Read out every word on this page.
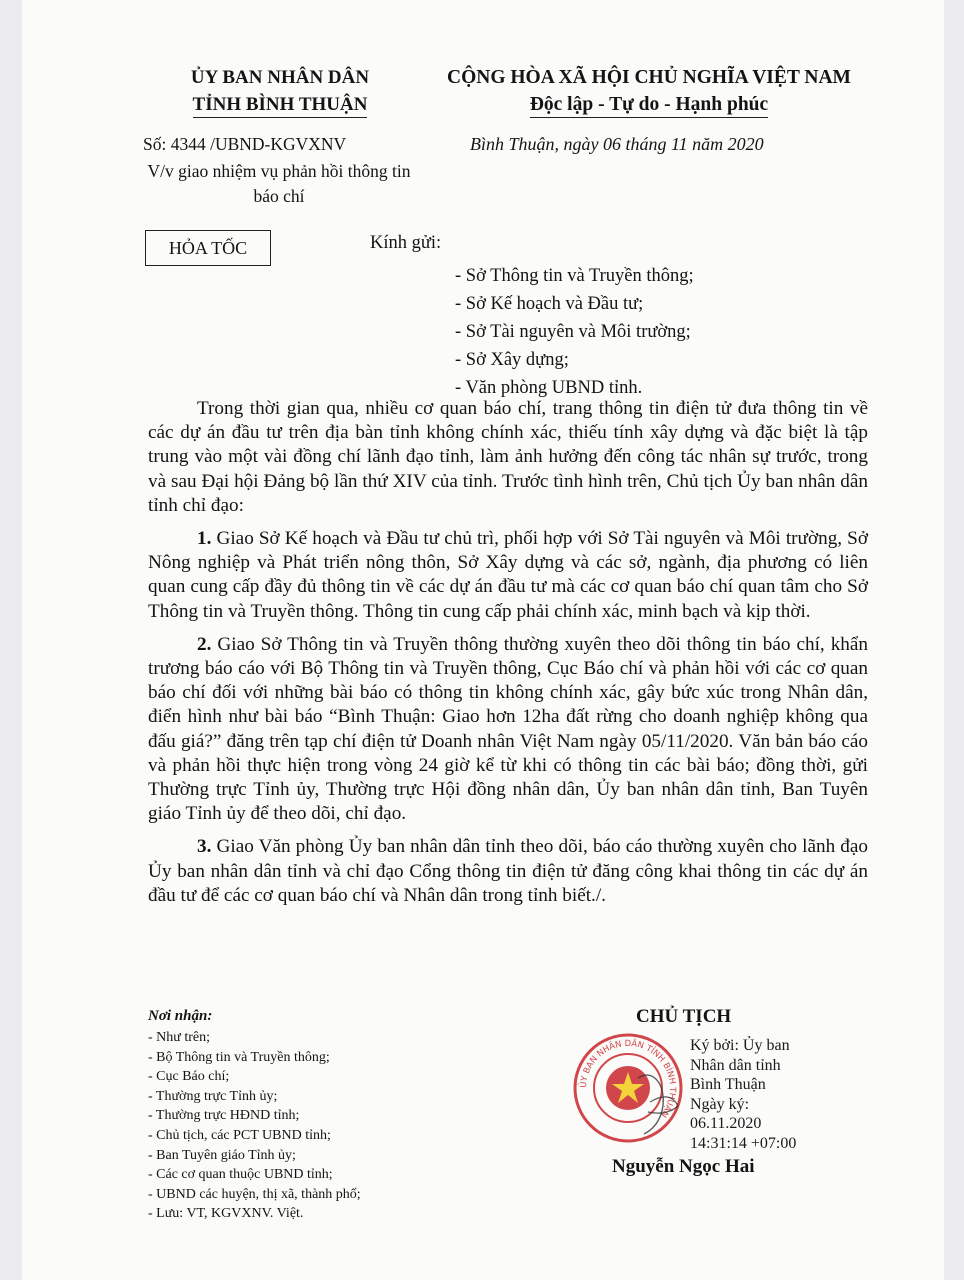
ỦY BAN NHÂN DÂN
TỈNH BÌNH THUẬN
CỘNG HÒA XÃ HỘI CHỦ NGHĨA VIỆT NAM
Độc lập - Tự do - Hạnh phúc
Số: 4344 /UBND-KGVXNV
V/v giao nhiệm vụ phản hồi thông tin báo chí
Bình Thuận, ngày 06 tháng 11 năm 2020
HỎA TỐC	Kính gửi:
- Sở Thông tin và Truyền thông;
- Sở Kế hoạch và Đầu tư;
- Sở Tài nguyên và Môi trường;
- Sở Xây dựng;
- Văn phòng UBND tỉnh.

Trong thời gian qua, nhiều cơ quan báo chí, trang thông tin điện tử đưa thông tin về các dự án đầu tư trên địa bàn tỉnh không chính xác, thiếu tính xây dựng và đặc biệt là tập trung vào một vài đồng chí lãnh đạo tỉnh, làm ảnh hưởng đến công tác nhân sự trước, trong và sau Đại hội Đảng bộ lần thứ XIV của tỉnh. Trước tình hình trên, Chủ tịch Ủy ban nhân dân tỉnh chỉ đạo:

1. Giao Sở Kế hoạch và Đầu tư chủ trì, phối hợp với Sở Tài nguyên và Môi trường, Sở Nông nghiệp và Phát triển nông thôn, Sở Xây dựng và các sở, ngành, địa phương có liên quan cung cấp đầy đủ thông tin về các dự án đầu tư mà các cơ quan báo chí quan tâm cho Sở Thông tin và Truyền thông. Thông tin cung cấp phải chính xác, minh bạch và kịp thời.

2. Giao Sở Thông tin và Truyền thông thường xuyên theo dõi thông tin báo chí, khẩn trương báo cáo với Bộ Thông tin và Truyền thông, Cục Báo chí và phản hồi với các cơ quan báo chí đối với những bài báo có thông tin không chính xác, gây bức xúc trong Nhân dân, điển hình như bài báo “Bình Thuận: Giao hơn 12ha đất rừng cho doanh nghiệp không qua đấu giá?” đăng trên tạp chí điện tử Doanh nhân Việt Nam ngày 05/11/2020. Văn bản báo cáo và phản hồi thực hiện trong vòng 24 giờ kể từ khi có thông tin các bài báo; đồng thời, gửi Thường trực Tỉnh ủy, Thường trực Hội đồng nhân dân, Ủy ban nhân dân tỉnh, Ban Tuyên giáo Tỉnh ủy để theo dõi, chỉ đạo.

3. Giao Văn phòng Ủy ban nhân dân tỉnh theo dõi, báo cáo thường xuyên cho lãnh đạo Ủy ban nhân dân tỉnh và chỉ đạo Cổng thông tin điện tử đăng công khai thông tin các dự án đầu tư để các cơ quan báo chí và Nhân dân trong tỉnh biết./.

Nơi nhận:
- Như trên;
- Bộ Thông tin và Truyền thông;
- Cục Báo chí;
- Thường trực Tỉnh ủy;
- Thường trực HĐND tỉnh;
- Chủ tịch, các PCT UBND tỉnh;
- Ban Tuyên giáo Tỉnh ủy;
- Các cơ quan thuộc UBND tỉnh;
- UBND các huyện, thị xã, thành phố;
- Lưu: VT, KGVXNV. Việt.
CHỦ TỊCH
ỦY BAN NHÂN DÂN TỈNH BÌNH THUẬN
Ký bởi: Ủy ban
Nhân dân tỉnh
Bình Thuận
Ngày ký:
06.11.2020
14:31:14 +07:00
Nguyễn Ngọc Hai
